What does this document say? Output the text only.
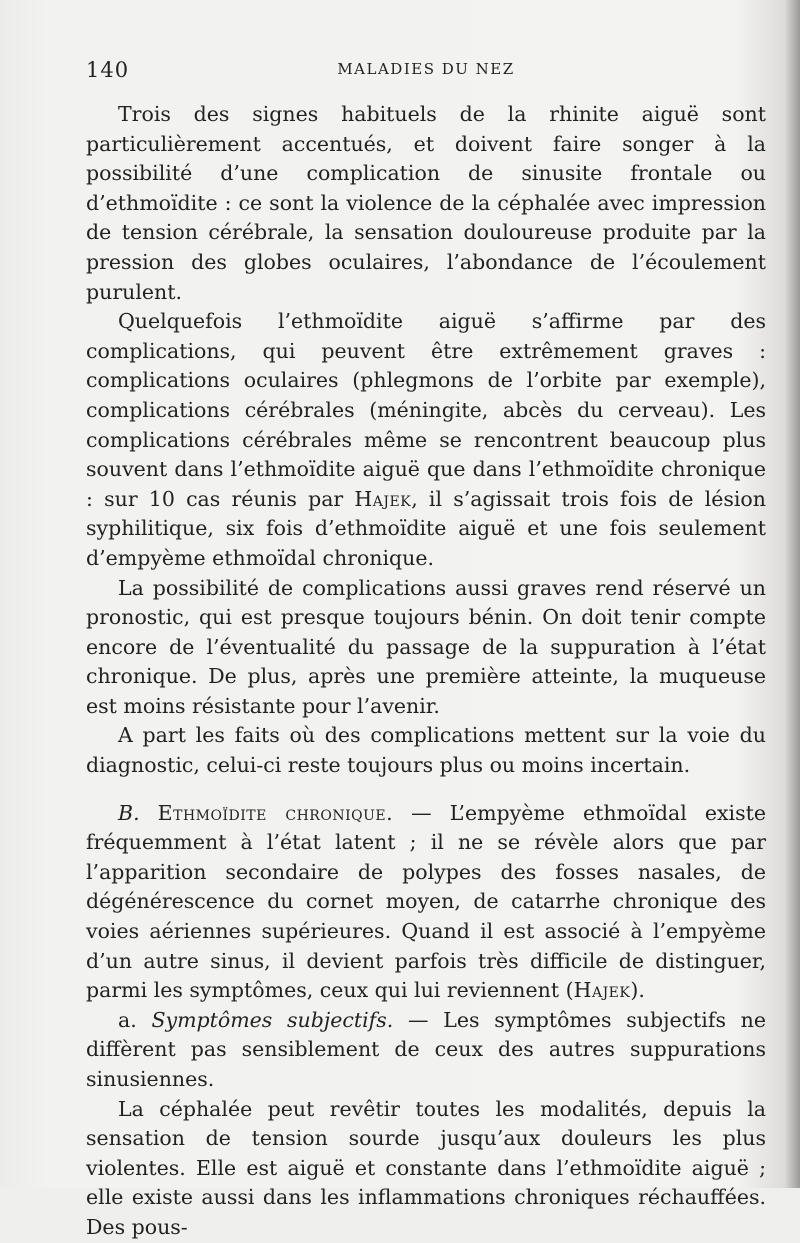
140	MALADIES DU NEZ

Trois des signes habituels de la rhinite aiguë sont particulièrement accentués, et doivent faire songer à la possibilité d’une complication de sinusite frontale ou d’ethmoïdite : ce sont la violence de la céphalée avec impression de tension cérébrale, la sensation douloureuse produite par la pression des globes oculaires, l’abondance de l’écoulement purulent.

Quelquefois l’ethmoïdite aiguë s’affirme par des complications, qui peuvent être extrêmement graves : complications oculaires (phlegmons de l’orbite par exemple), complications cérébrales (méningite, abcès du cerveau). Les complications cérébrales même se rencontrent beaucoup plus souvent dans l’ethmoïdite aiguë que dans l’ethmoïdite chronique : sur 10 cas réunis par Hajek, il s’agissait trois fois de lésion syphilitique, six fois d’ethmoïdite aiguë et une fois seulement d’empyème ethmoïdal chronique.

La possibilité de complications aussi graves rend réservé un pronostic, qui est presque toujours bénin. On doit tenir compte encore de l’éventualité du passage de la suppuration à l’état chronique. De plus, après une première atteinte, la muqueuse est moins résistante pour l’avenir.

A part les faits où des complications mettent sur la voie du diagnostic, celui-ci reste toujours plus ou moins incertain.

B. Ethmoïdite chronique. — L’empyème ethmoïdal existe fréquemment à l’état latent ; il ne se révèle alors que par l’apparition secondaire de polypes des fosses nasales, de dégénérescence du cornet moyen, de catarrhe chronique des voies aériennes supérieures. Quand il est associé à l’empyème d’un autre sinus, il devient parfois très difficile de distinguer, parmi les symptômes, ceux qui lui reviennent (Hajek).

a. Symptômes subjectifs. — Les symptômes subjectifs ne diffèrent pas sensiblement de ceux des autres suppurations sinusiennes.

La céphalée peut revêtir toutes les modalités, depuis la sensation de tension sourde jusqu’aux douleurs les plus violentes. Elle est aiguë et constante dans l’ethmoïdite aiguë ; elle existe aussi dans les inflammations chroniques réchauffées. Des pous-
